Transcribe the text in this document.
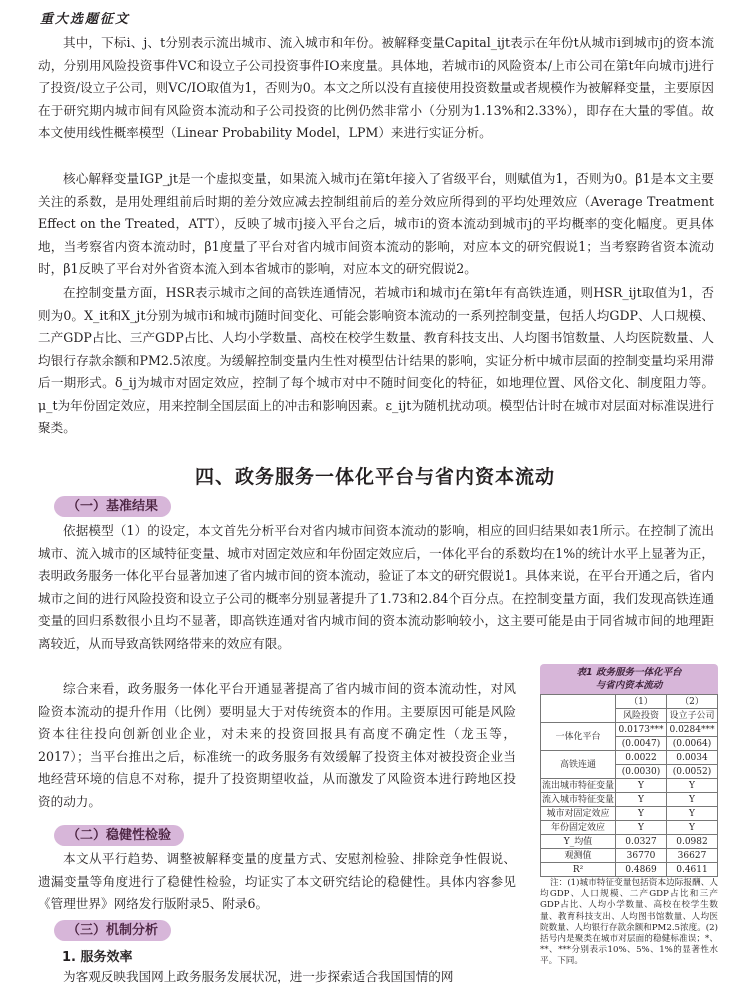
重大选题征文

其中，下标i、j、t分别表示流出城市、流入城市和年份。被解释变量Capital_ijt表示在年份t从城市i到城市j的资本流动，分别用风险投资事件VC和设立子公司投资事件IO来度量。具体地，若城市i的风险资本/上市公司在第t年向城市j进行了投资/设立子公司，则VC/IO取值为1，否则为0。本文之所以没有直接使用投资数量或者规模作为被解释变量，主要原因在于研究期内城市间有风险资本流动和子公司投资的比例仍然非常小（分别为1.13%和2.33%），即存在大量的零值。故本文使用线性概率模型（Linear Probability Model，LPM）来进行实证分析。

核心解释变量IGP_jt是一个虚拟变量，如果流入城市j在第t年接入了省级平台，则赋值为1，否则为0。β1是本文主要关注的系数，是用处理组前后时期的差分效应减去控制组前后的差分效应所得到的平均处理效应（Average Treatment Effect on the Treated，ATT），反映了城市j接入平台之后，城市i的资本流动到城市j的平均概率的变化幅度。更具体地，当考察省内资本流动时，β1度量了平台对省内城市间资本流动的影响，对应本文的研究假说1；当考察跨省资本流动时，β1反映了平台对外省资本流入到本省城市的影响，对应本文的研究假说2。

在控制变量方面，HSR表示城市之间的高铁连通情况，若城市i和城市j在第t年有高铁连通，则HSR_ijt取值为1，否则为0。X_it和X_jt分别为城市i和城市j随时间变化、可能会影响资本流动的一系列控制变量，包括人均GDP、人口规模、二产GDP占比、三产GDP占比、人均小学数量、高校在校学生数量、教育科技支出、人均图书馆数量、人均医院数量、人均银行存款余额和PM2.5浓度。为缓解控制变量内生性对模型估计结果的影响，实证分析中城市层面的控制变量均采用滞后一期形式。δ_ij为城市对固定效应，控制了每个城市对中不随时间变化的特征，如地理位置、风俗文化、制度阻力等。μ_t为年份固定效应，用来控制全国层面上的冲击和影响因素。ε_ijt为随机扰动项。模型估计时在城市对层面对标准误进行聚类。

四、政务服务一体化平台与省内资本流动
（一）基准结果

依据模型（1）的设定，本文首先分析平台对省内城市间资本流动的影响，相应的回归结果如表1所示。在控制了流出城市、流入城市的区域特征变量、城市对固定效应和年份固定效应后，一体化平台的系数均在1%的统计水平上显著为正，表明政务服务一体化平台显著加速了省内城市间的资本流动，验证了本文的研究假说1。具体来说，在平台开通之后，省内城市之间的进行风险投资和设立子公司的概率分别显著提升了1.73和2.84个百分点。在控制变量方面，我们发现高铁连通变量的回归系数很小且均不显著，即高铁连通对省内城市间的资本流动影响较小，这主要可能是由于同省城市间的地理距离较近，从而导致高铁网络带来的效应有限。

综合来看，政务服务一体化平台开通显著提高了省内城市间的资本流动性，对风险资本流动的提升作用（比例）要明显大于对传统资本的作用。主要原因可能是风险资本往往投向创新创业企业，对未来的投资回报具有高度不确定性（龙玉等，2017）；当平台推出之后，标准统一的政务服务有效缓解了投资主体对被投资企业当地经营环境的信息不对称，提升了投资期望收益，从而激发了风险资本进行跨地区投资的动力。

（二）稳健性检验

本文从平行趋势、调整被解释变量的度量方式、安慰剂检验、排除竞争性假说、遗漏变量等角度进行了稳健性检验，均证实了本文研究结论的稳健性。具体内容参见《管理世界》网络发行版附录5、附录6。

（三）机制分析
1. 服务效率

为客观反映我国网上政务服务发展状况，进一步探索适合我国国情的网

表1 政务服务一体化平台
与省内资本流动
	（1）	（2）
	风险投资	设立子公司
一体化平台	0.0173***	0.0284***
	(0.0047)	(0.0064)
高铁连通	0.0022	0.0034
	(0.0030)	(0.0052)
流出城市特征变量	Y	Y
流入城市特征变量	Y	Y
城市对固定效应	Y	Y
年份固定效应	Y	Y
Y_均值	0.0327	0.0982
观测值	36770	36627
R²	0.4869	0.4611
注：(1)城市特征变量包括资本边际报酬、人均GDP、人口规模、二产GDP占比和三产GDP占比、人均小学数量、高校在校学生数量、教育科技支出、人均图书馆数量、人均医院数量、人均银行存款余额和PM2.5浓度。(2)括号内是聚类在城市对层面的稳健标准误；*、**、***分别表示10%、5%、1%的显著性水平。下同。
